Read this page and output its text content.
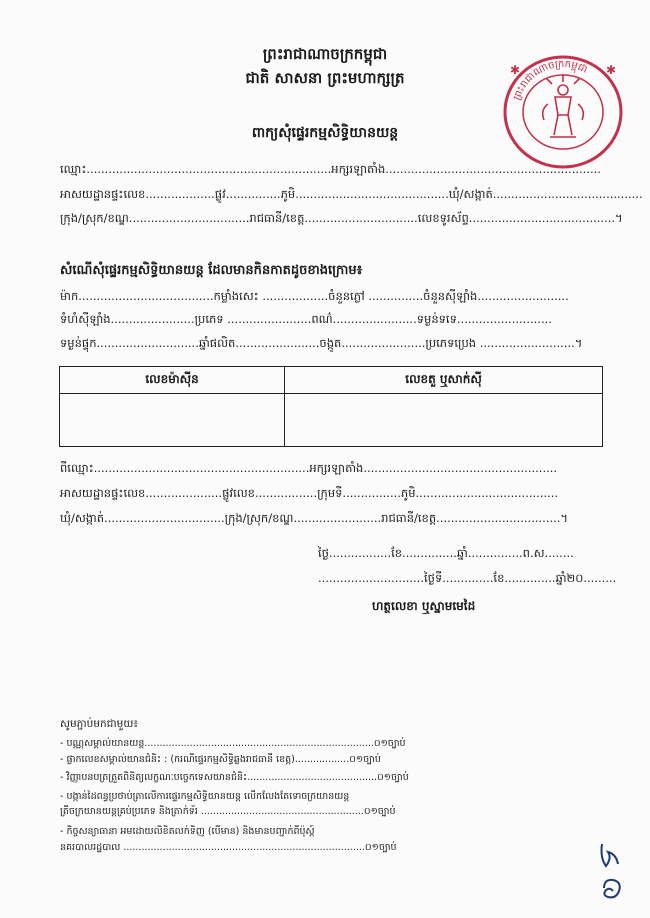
ព្រះរាជាណាចក្រកម្ពុជា
ជាតិ សាសនា ព្រះមហាក្សត្រ
ពាក្យសុំផ្ទេរកម្មសិទ្ធិយានយន្ត
ព្រះរាជាណាចក្រកម្ពុជា
✱	✱
ឈ្មោះ...................................................................អក្សរឡាតាំង...........................................................
អាសយដ្ឋានផ្ទះលេខ...................ផ្លូវ...............ភូមិ..........................................ឃុំ/សង្កាត់.........................................
ក្រុង/ស្រុក/ខណ្ឌ.................................រាជធានី/ខេត្ត...............................លេខទូរស័ព្ទ........................................។
សំណើសុំផ្ទេរកម្មសិទ្ធិយានយន្ត ដែលមានកិនកាតដូចខាងក្រោម៖
ម៉ាក.....................................កម្លាំងសេះ ..................ចំនួនភ្លៅ ...............ចំនួនស៊ីឡាំង.........................
ទំហំស៊ីឡាំង.......................ប្រភេទ .......................ពណ៌.......................ទម្ងន់ទទេ..........................
ទម្ងន់ផ្ទុក............................ឆ្នាំផលិត.......................ចង្កូត.......................ប្រភេទប្រេង ..........................។
លេខម៉ាស៊ីន	លេខតួ ឬសាក់ស៊ី

ពីឈ្មោះ...........................................................អក្សរឡាតាំង.....................................................
អាសយដ្ឋានផ្ទះលេខ.....................ផ្លូវលេខ.................ក្រុមទី................ភូមិ.......................................
ឃុំ/សង្កាត់.................................ក្រុង/ស្រុក/ខណ្ឌ........................រាជធានី/ខេត្ត..................................។
ថ្ងៃ.................ខែ...............ឆ្នាំ...............ព.ស........
.............................ថ្ងៃទី..............ខែ..............ឆ្នាំ២០.........
ហត្ថលេខា ឬស្នាមមេដៃ
សូមភ្ជាប់មកជាមួយ៖
- បណ្ណសម្គាល់យានយន្ត............................................................................០១ច្បាប់
- ផ្លាកលេខសម្គាល់យានជំនិះ : (ករណីផ្ទេរកម្មសិទ្ធិឆ្លងរាជធានី ខេត្ត)..................០១ច្បាប់
- វិញ្ញាបនបត្រត្រួតពិនិត្យលក្ខណៈបច្ចេកទេសយានជំនិះ...........................................០១ច្បាប់
- បង្កាន់ដៃពន្ធប្រថាប់ត្រាលើការផ្ទេរកម្មសិទ្ធិយានយន្ត លើកលែងតែទោចក្រយានយន្ត
ត្រីចក្រយានយន្តគ្រប់ប្រភេទ និងត្រាក់ទ័រ ......................................................០១ច្បាប់
- កិច្ចសន្យាធានា អមដោយលិខិតលក់ទិញ (បើមាន) និងមានបញ្ជាក់ពីប៉ុស្ត៍
នគរបាលរដ្ឋបាល ................................................................................០១ច្បាប់
